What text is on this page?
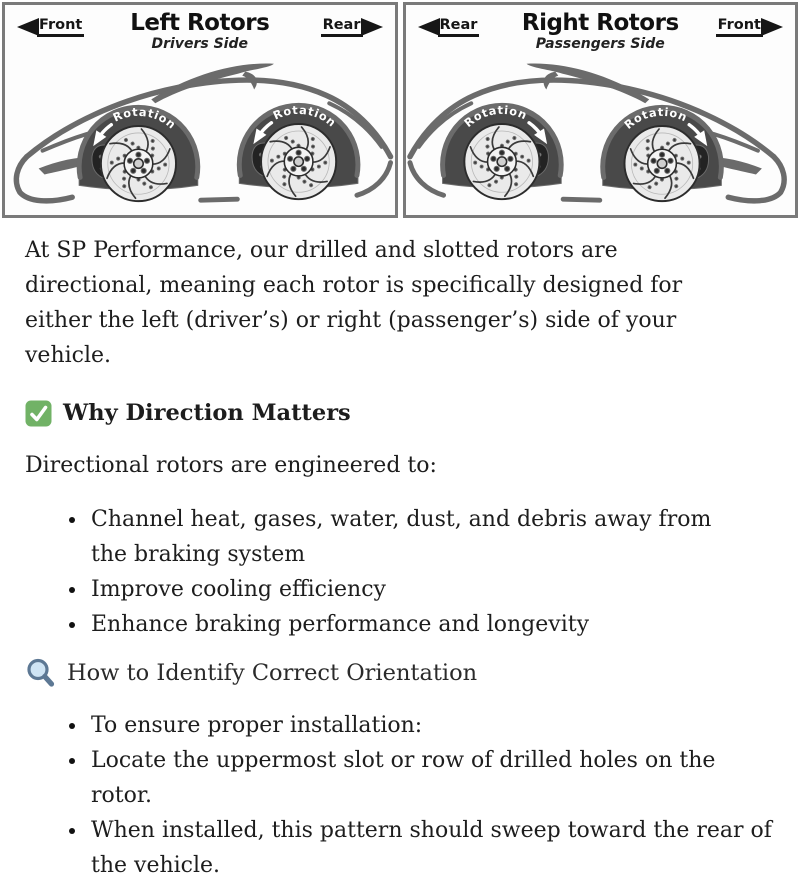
Rotation
Rotation
Left Rotors
Drivers Side
Front	Rear
Rotation
Rotation
Right Rotors
Passengers Side
Rear	Front

At SP Performance, our drilled and slotted rotors are directional, meaning each rotor is specifically designed for either the left (driver’s) or right (passenger’s) side of your vehicle.

Why Direction Matters

Directional rotors are engineered to:

• Channel heat, gases, water, dust, and debris away from the braking system
• Improve cooling efficiency
• Enhance braking performance and longevity
How to Identify Correct Orientation
• To ensure proper installation:
• Locate the uppermost slot or row of drilled holes on the rotor.
• When installed, this pattern should sweep toward the rear of the vehicle.
